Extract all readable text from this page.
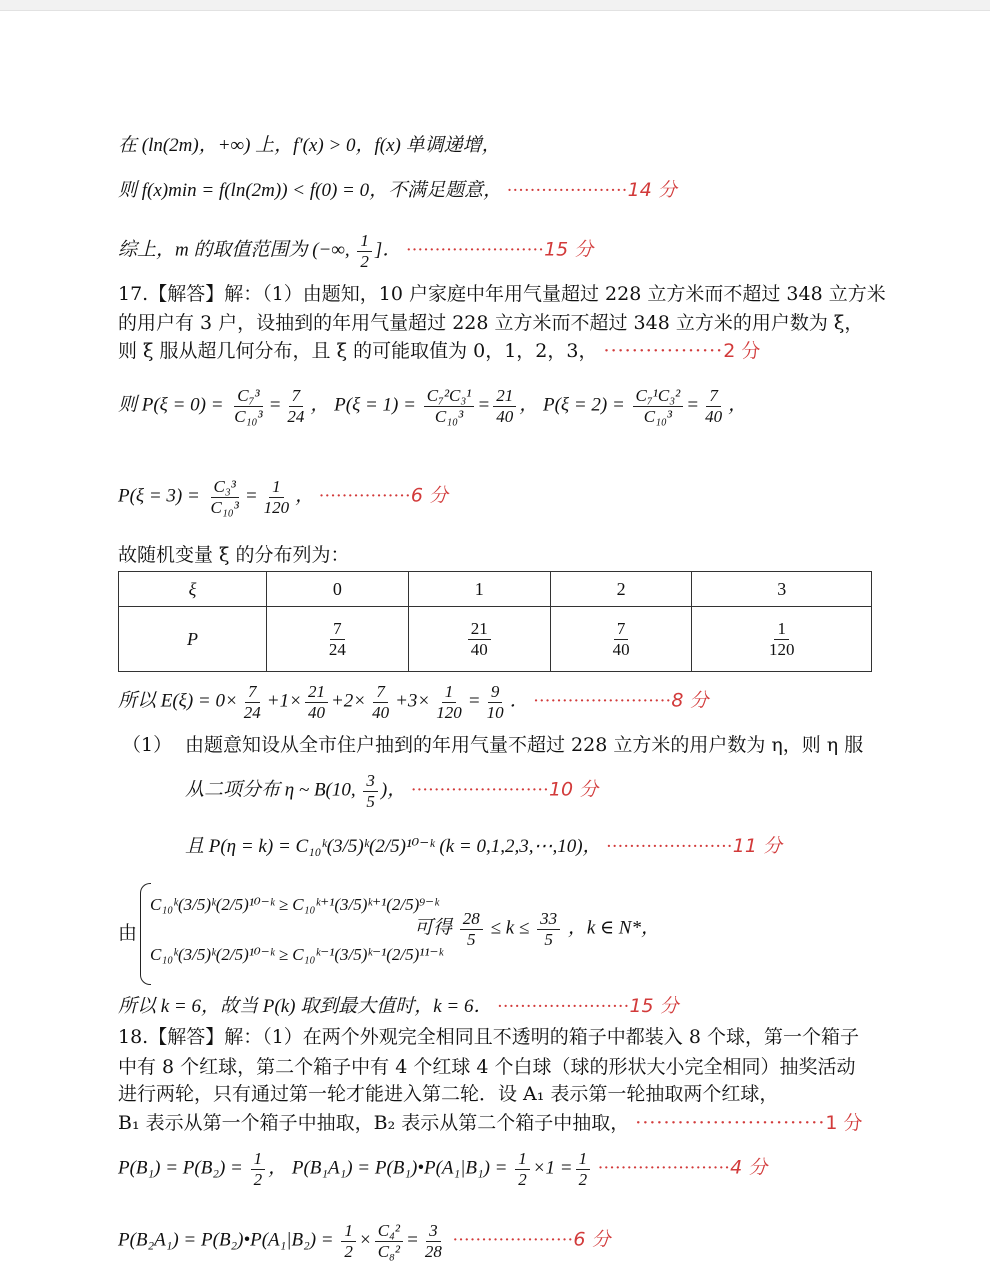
在 (ln(2m)，+∞) 上，f′(x) > 0，f(x) 单调递增，
则 f(x)min = f(ln(2m)) < f(0) = 0，不满足题意， ·····················14 分
综上，m 的取值范围为 (−∞, $\frac{1}{2}$ ]． ························15 分
17.【解答】解：（1）由题知，10 户家庭中年用气量超过 228 立方米而不超过 348 立方米
的用户有 3 户，设抽到的年用气量超过 228 立方米而不超过 348 立方米的用户数为 ξ，
则 ξ 服从超几何分布，且 ξ 的可能取值为 0，1，2，3， ·················2 分
则 $P(\xi = 0) = \frac{\text{C₇³}}{\text{C₁₀³}} = \frac{7}{24}$ ， $P(\xi = 1) = \frac{\text{C₇²C₃¹}}{\text{C₁₀³}} = \frac{21}{40}$ ， $P(\xi = 2) = \frac{\text{C₇¹C₃²}}{\text{C₁₀³}} = \frac{7}{40}$ ，
$P(\xi = 3) = \frac{\text{C₃³}}{\text{C₁₀³}} = \frac{1}{120}$ ， ················6 分
故随机变量 ξ 的分布列为：
ξ	0	1	2	3
P	$\frac{7}{24}$	$\frac{21}{40}$	$\frac{7}{40}$	$\frac{1}{120}$
所以 $E(\xi) = 0\times \frac{7}{24} +1\times \frac{21}{40} +2\times \frac{7}{40} +3\times \frac{1}{120} = \frac{9}{10}$ ． ························8 分
（1） 由题意知设从全市住户抽到的年用气量不超过 228 立方米的用户数为 η，则 η 服
从二项分布 η ~ B(10, $\frac{3}{5}$ )， ························10 分
且 P(η = k) = C₁₀ᵏ(3/5)ᵏ(2/5)¹⁰⁻ᵏ (k = 0,1,2,3,⋯,10)， ······················11 分
由
C₁₀ᵏ(3/5)ᵏ(2/5)¹⁰⁻ᵏ ≥ C₁₀ᵏ⁺¹(3/5)ᵏ⁺¹(2/5)⁹⁻ᵏ
C₁₀ᵏ(3/5)ᵏ(2/5)¹⁰⁻ᵏ ≥ C₁₀ᵏ⁻¹(3/5)ᵏ⁻¹(2/5)¹¹⁻ᵏ
可得 $\frac{28}{5} \le k \le \frac{33}{5}$ ，k ∈ N*，
所以 k = 6，故当 P(k) 取到最大值时，k = 6． ·······················15 分
18.【解答】解：（1）在两个外观完全相同且不透明的箱子中都装入 8 个球，第一个箱子
中有 8 个红球，第二个箱子中有 4 个红球 4 个白球（球的形状大小完全相同）抽奖活动
进行两轮，只有通过第一轮才能进入第二轮．设 A₁ 表示第一轮抽取两个红球，
B₁ 表示从第一个箱子中抽取，B₂ 表示从第二个箱子中抽取， ···························1 分
$P(B_1) = P(B_2) = \frac{1}{2}$ ， P(B₁A₁) = P(B₁)•P(A₁|B₁) = $\frac{1}{2} \times 1 = \frac{1}{2} \cdot\cdot\cdot\cdot\cdot\cdot\cdot\cdot\cdot\cdot\cdot\cdot\cdot\cdot\cdot\cdot\cdot\cdot\cdot\cdot\cdot\cdot\cdot 4$ 分
P(B₂A₁) = P(B₂)•P(A₁|B₂) = $\frac{1}{2} \times \frac{\text{C₄²}}{\text{C₈²}} = \frac{3}{28} \cdot\cdot\cdot\cdot\cdot\cdot\cdot\cdot\cdot\cdot\cdot\cdot\cdot\cdot\cdot\cdot\cdot\cdot\cdot\cdot\cdot 6$ 分
